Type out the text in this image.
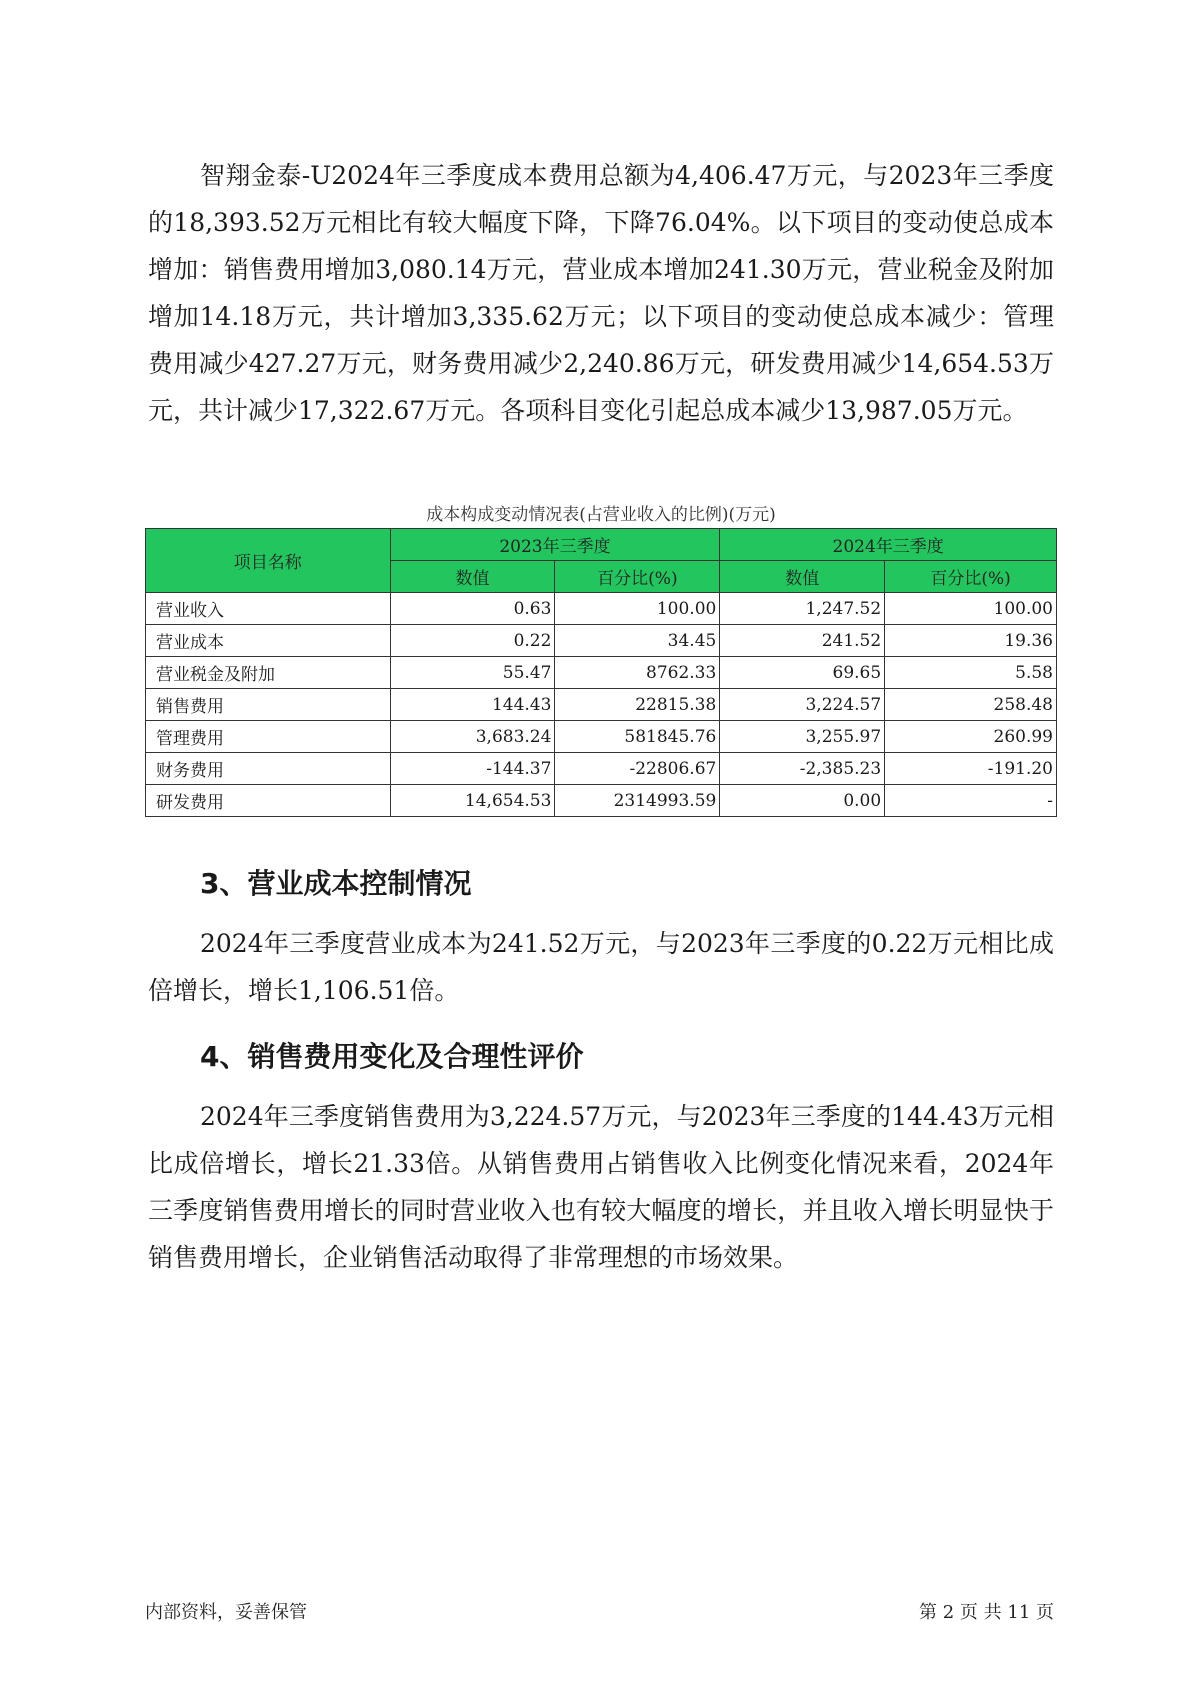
智翔金泰-U2024年三季度成本费用总额为4,406.47万元，与2023年三季度的18,393.52万元相比有较大幅度下降，下降76.04%。以下项目的变动使总成本增加：销售费用增加3,080.14万元，营业成本增加241.30万元，营业税金及附加增加14.18万元，共计增加3,335.62万元；以下项目的变动使总成本减少：管理费用减少427.27万元，财务费用减少2,240.86万元，研发费用减少14,654.53万元，共计减少17,322.67万元。各项科目变化引起总成本减少13,987.05万元。

成本构成变动情况表(占营业收入的比例)(万元)
项目名称	2023年三季度		2024年三季度	
	数值	百分比(%)	数值	百分比(%)
营业收入	0.63	100.00	1,247.52	100.00
营业成本	0.22	34.45	241.52	19.36
营业税金及附加	55.47	8762.33	69.65	5.58
销售费用	144.43	22815.38	3,224.57	258.48
管理费用	3,683.24	581845.76	3,255.97	260.99
财务费用	-144.37	-22806.67	-2,385.23	-191.20
研发费用	14,654.53	2314993.59	0.00	-
3、营业成本控制情况

2024年三季度营业成本为241.52万元，与2023年三季度的0.22万元相比成倍增长，增长1,106.51倍。

4、销售费用变化及合理性评价

2024年三季度销售费用为3,224.57万元，与2023年三季度的144.43万元相比成倍增长，增长21.33倍。从销售费用占销售收入比例变化情况来看，2024年三季度销售费用增长的同时营业收入也有较大幅度的增长，并且收入增长明显快于销售费用增长，企业销售活动取得了非常理想的市场效果。

内部资料，妥善保管	第 2 页 共 11 页
